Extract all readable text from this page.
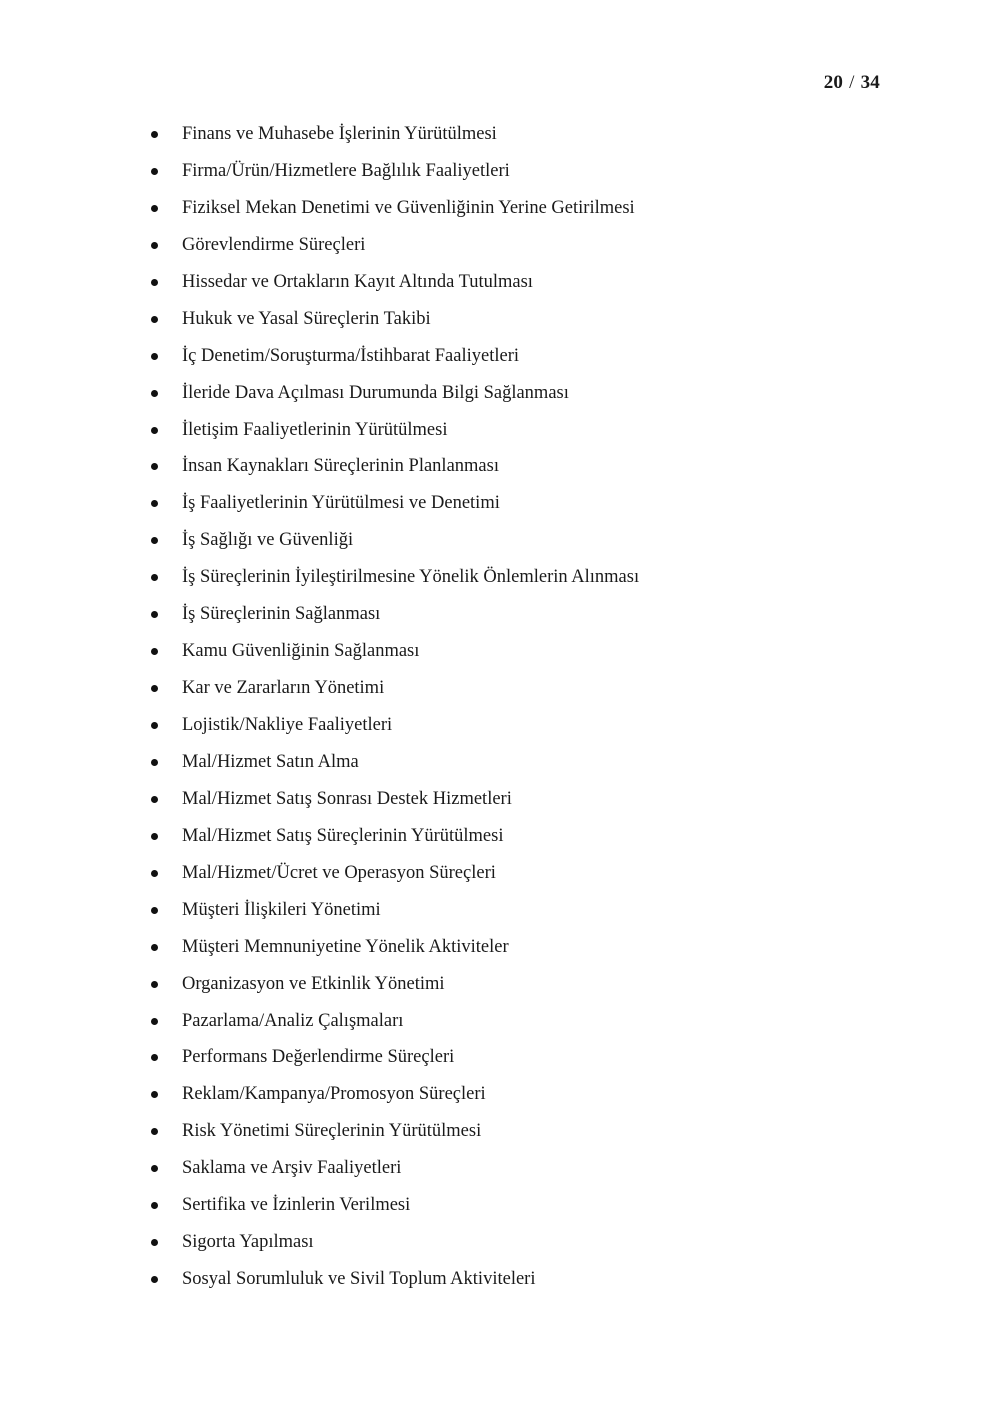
20 / 34
Finans ve Muhasebe İşlerinin Yürütülmesi
Firma/Ürün/Hizmetlere Bağlılık Faaliyetleri
Fiziksel Mekan Denetimi ve Güvenliğinin Yerine Getirilmesi
Görevlendirme Süreçleri
Hissedar ve Ortakların Kayıt Altında Tutulması
Hukuk ve Yasal Süreçlerin Takibi
İç Denetim/Soruşturma/İstihbarat Faaliyetleri
İleride Dava Açılması Durumunda Bilgi Sağlanması
İletişim Faaliyetlerinin Yürütülmesi
İnsan Kaynakları Süreçlerinin Planlanması
İş Faaliyetlerinin Yürütülmesi ve Denetimi
İş Sağlığı ve Güvenliği
İş Süreçlerinin İyileştirilmesine Yönelik Önlemlerin Alınması
İş Süreçlerinin Sağlanması
Kamu Güvenliğinin Sağlanması
Kar ve Zararların Yönetimi
Lojistik/Nakliye Faaliyetleri
Mal/Hizmet Satın Alma
Mal/Hizmet Satış Sonrası Destek Hizmetleri
Mal/Hizmet Satış Süreçlerinin Yürütülmesi
Mal/Hizmet/Ücret ve Operasyon Süreçleri
Müşteri İlişkileri Yönetimi
Müşteri Memnuniyetine Yönelik Aktiviteler
Organizasyon ve Etkinlik Yönetimi
Pazarlama/Analiz Çalışmaları
Performans Değerlendirme Süreçleri
Reklam/Kampanya/Promosyon Süreçleri
Risk Yönetimi Süreçlerinin Yürütülmesi
Saklama ve Arşiv Faaliyetleri
Sertifika ve İzinlerin Verilmesi
Sigorta Yapılması
Sosyal Sorumluluk ve Sivil Toplum Aktiviteleri
